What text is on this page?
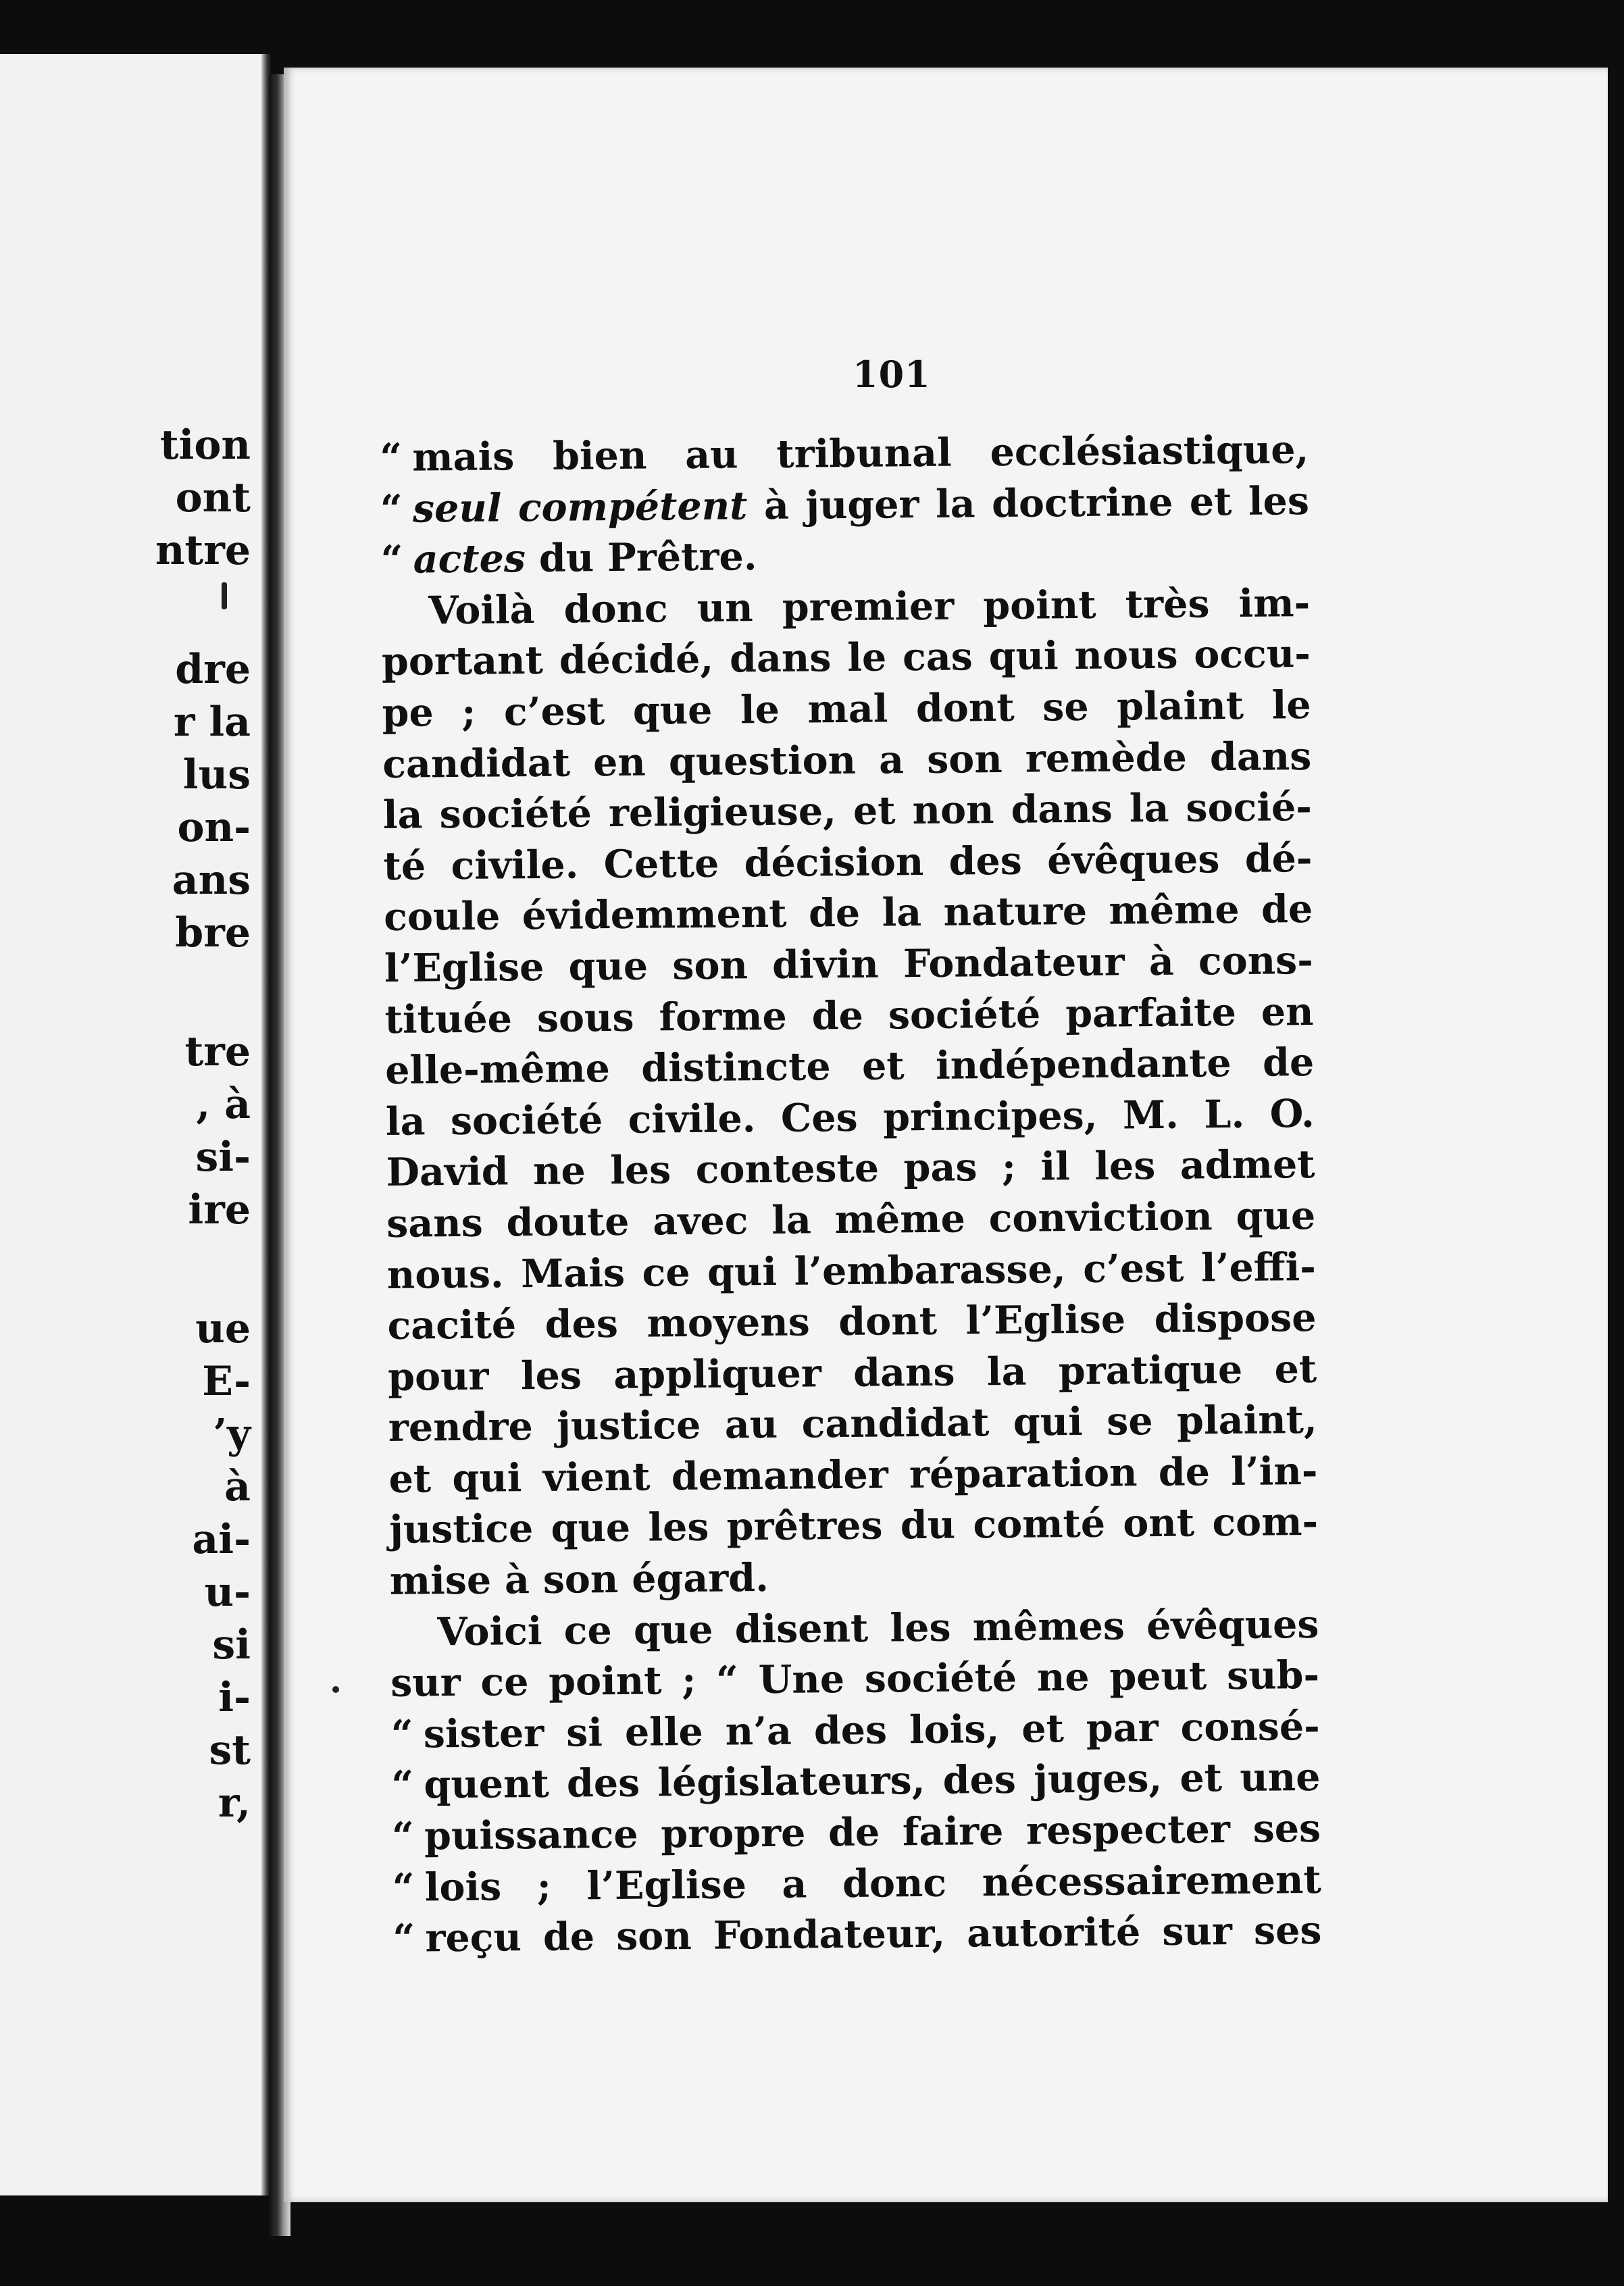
tion
ont
ntre
dre
r la
lus
on-
ans
bre
tre
, à
si-
ire
ue
E-
’y
à
ai-
u-
si
i-
st
r,
101
“ mais bien au tribunal ecclésiastique,
“ seul compétent à juger la doctrine et les
“ actes du Prêtre.
Voilà donc un premier point très im-
portant décidé, dans le cas qui nous occu-
pe ; c’est que le mal dont se plaint le
candidat en question a son remède dans
la société religieuse, et non dans la socié-
té civile. Cette décision des évêques dé-
coule évidemment de la nature même de
l’Eglise que son divin Fondateur à cons-
tituée sous forme de société parfaite en
elle-même distincte et indépendante de
la société civile. Ces principes, M. L. O.
David ne les conteste pas ; il les admet
sans doute avec la même conviction que
nous. Mais ce qui l’embarasse, c’est l’effi-
cacité des moyens dont l’Eglise dispose
pour les appliquer dans la pratique et
rendre justice au candidat qui se plaint,
et qui vient demander réparation de l’in-
justice que les prêtres du comté ont com-
mise à son égard.
Voici ce que disent les mêmes évêques
sur ce point ; “ Une société ne peut sub-
“ sister si elle n’a des lois, et par consé-
“ quent des législateurs, des juges, et une
“ puissance propre de faire respecter ses
“ lois ; l’Eglise a donc nécessairement
“ reçu de son Fondateur, autorité sur ses
